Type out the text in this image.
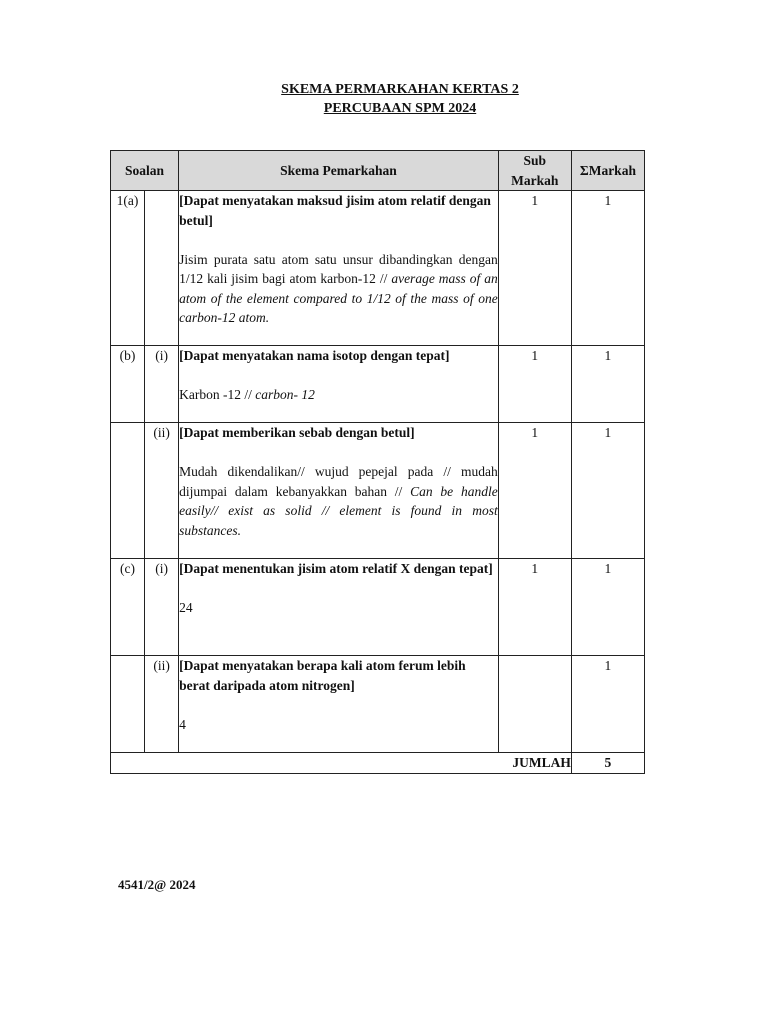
SKEMA PERMARKAHAN KERTAS 2
PERCUBAAN SPM 2024
Soalan		Skema Pemarkahan	Sub
Markah	ΣMarkah
1(a)		[Dapat menyatakan maksud jisim atom relatif dengan betul]
Jisim purata satu atom satu unsur dibandingkan dengan 1/12 kali jisim bagi atom karbon-12 // average mass of an atom of the element compared to 1/12 of the mass of one carbon-12 atom.	1	1
(b)	(i)	[Dapat menyatakan nama isotop dengan tepat]
Karbon -12 // carbon- 12	1	1
	(ii)	[Dapat memberikan sebab dengan betul]
Mudah dikendalikan// wujud pepejal pada // mudah dijumpai dalam kebanyakkan bahan // Can be handle easily// exist as solid // element is found in most substances.	1	1
(c)	(i)	[Dapat menentukan jisim atom relatif X dengan tepat]
24	1	1
	(ii)	[Dapat menyatakan berapa kali atom ferum lebih berat daripada atom nitrogen]
4		1
JUMLAH				5
4541/2@ 2024
